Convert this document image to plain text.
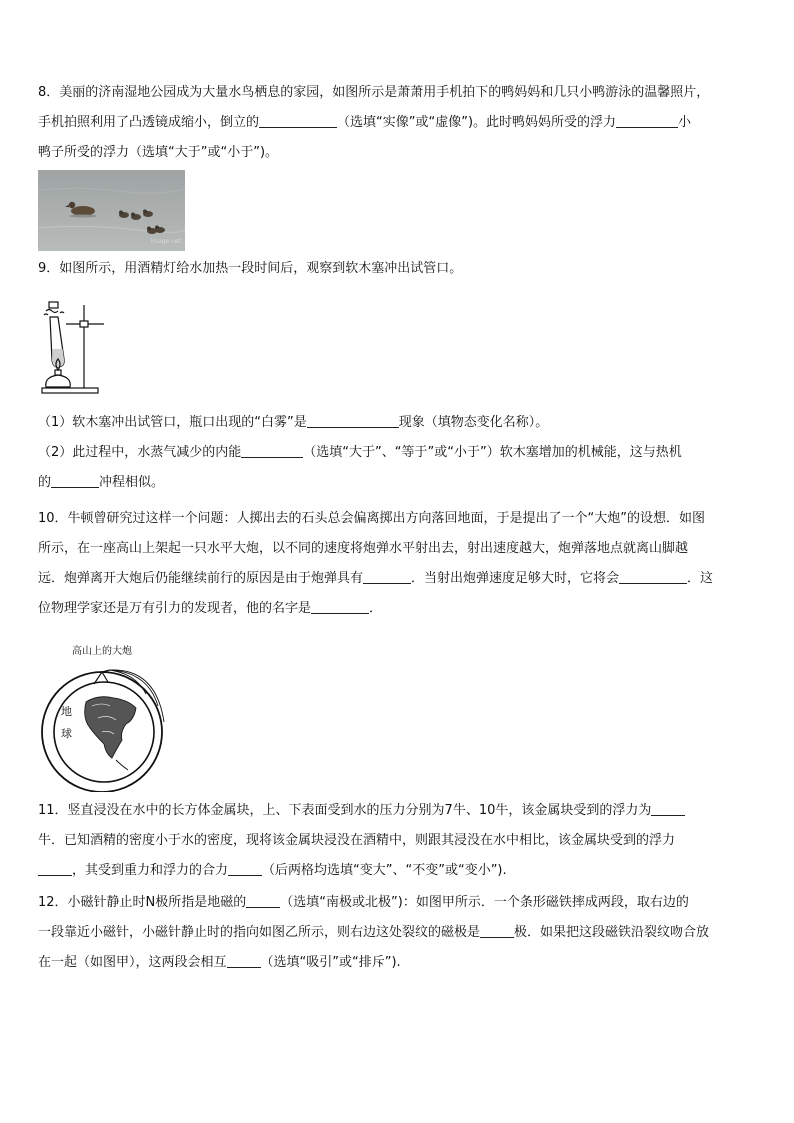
8．美丽的济南湿地公园成为大量水鸟栖息的家园，如图所示是萧萧用手机拍下的鸭妈妈和几只小鸭游泳的温馨照片，
手机拍照利用了凸透镜成缩小，倒立的	（选填“实像”或“虚像”)。此时鸭妈妈所受的浮力	小
鸭子所受的浮力（选填“大于”或“小于”)。
Image.net
9．如图所示，用酒精灯给水加热一段时间后，观察到软木塞冲出试管口。
（1）软木塞冲出试管口，瓶口出现的“白雾”是	现象（填物态变化名称）。
（2）此过程中，水蒸气减少的内能	（选填“大于”、“等于”或“小于”）软木塞增加的机械能，这与热机
的	冲程相似。
10．牛顿曾研究过这样一个问题：人掷出去的石头总会偏离掷出方向落回地面，于是提出了一个“大炮”的设想．如图
所示，在一座高山上架起一只水平大炮，以不同的速度将炮弹水平射出去，射出速度越大，炮弹落地点就离山脚越
远．炮弹离开大炮后仍能继续前行的原因是由于炮弹具有	．当射出炮弹速度足够大时，它将会	．这
位物理学家还是万有引力的发现者，他的名字是	．
高山上的大炮
地
球
11．竖直浸没在水中的长方体金属块，上、下表面受到水的压力分别为7牛、10牛，该金属块受到的浮力为
牛．已知酒精的密度小于水的密度，现将该金属块浸没在酒精中，则跟其浸没在水中相比，该金属块受到的浮力
，其受到重力和浮力的合力	（后两格均选填“变大”、“不变”或“变小”).
12．小磁针静止时N极所指是地磁的	（选填“南极或北极”)：如图甲所示．一个条形磁铁摔成两段，取右边的
一段靠近小磁针，小磁针静止时的指向如图乙所示，则右边这处裂纹的磁极是	极．如果把这段磁铁沿裂纹吻合放
在一起（如图甲），这两段会相互	（选填“吸引”或“排斥”).
